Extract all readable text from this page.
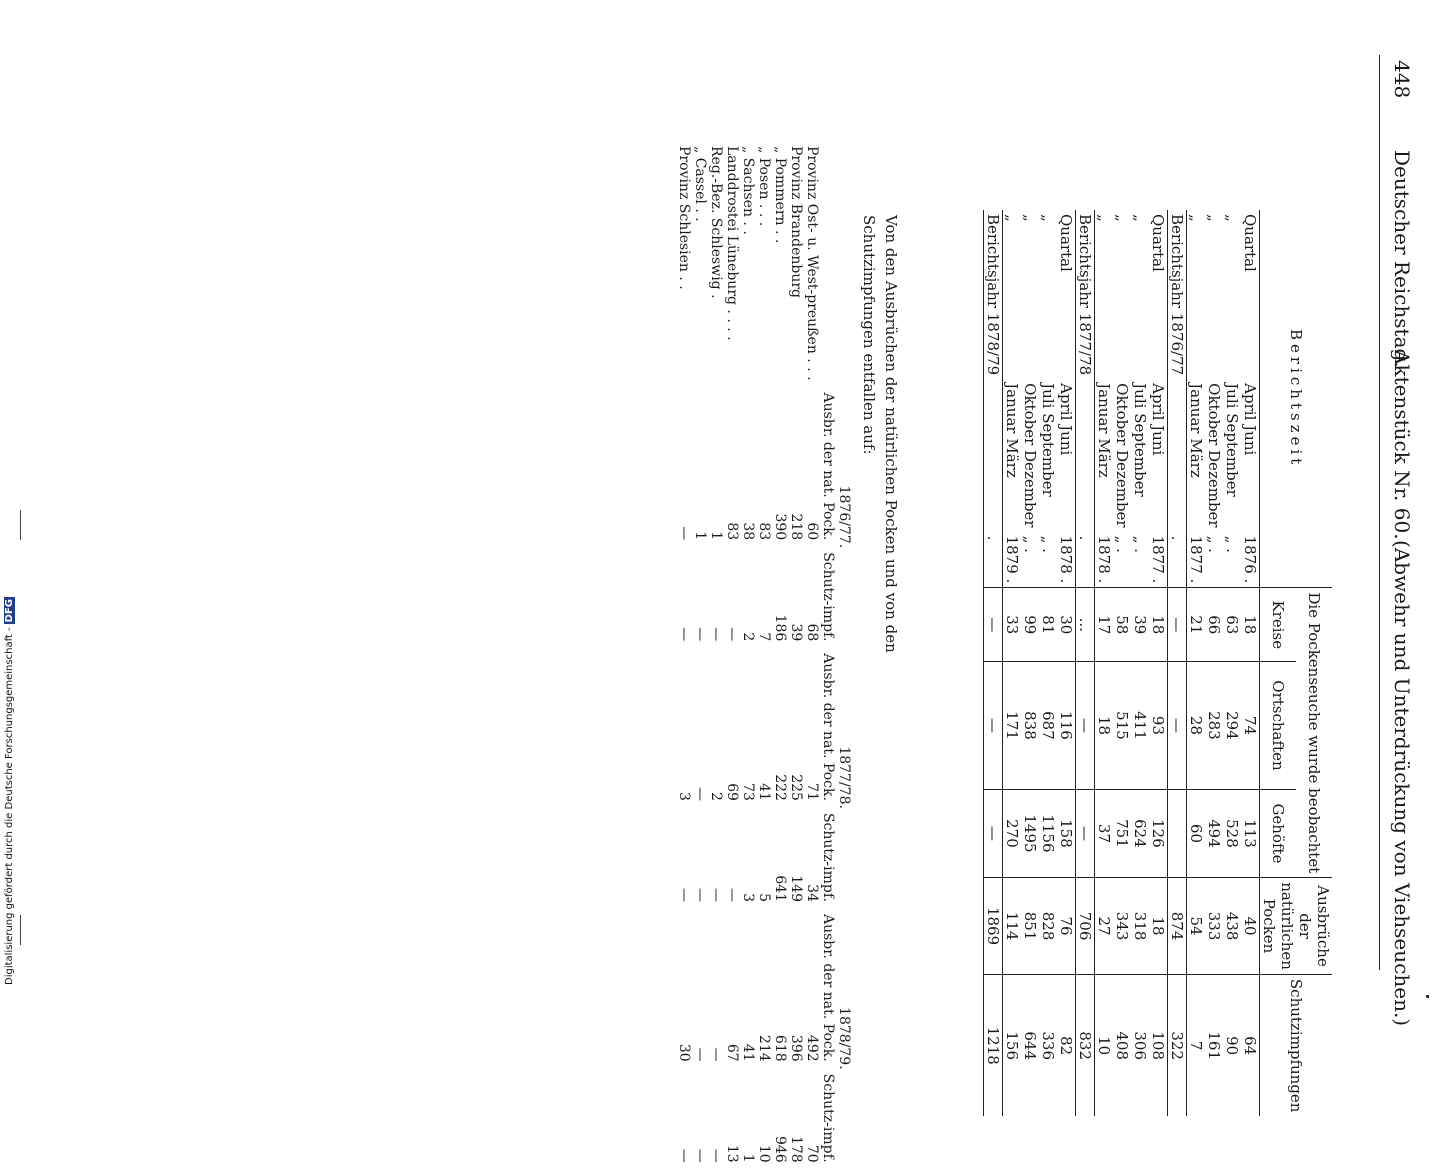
448
Deutscher Reichstag.
Aktenstück Nr. 60.
(Abwehr und Unterdrückung von Viehseuchen.)
Berichtszeit			Die Pockenseuche wurde beobachtet			Ausbrüche der natürlichen Pocken	Schutzimpfungen
			Kreise	Ortschaften	Gehöfte		
Quartal	April Juni	1876 .	18	74	113	40	64
„	Juli September	„ .	63	294	528	438	90
„	Oktober Dezember	„ .	66	283	494	333	161
„	Januar März	1877 .	21	28	60	54	7
Berichtsjahr 1876/77		.	—	—		874	322
Quartal	April Juni	1877 .	18	93	126	18	108
„	Juli September	„ .	39	411	624	318	306
„	Oktober Dezember	„ .	58	515	751	343	408
„	Januar März	1878 .	17	18	37	27	10
Berichtsjahr 1877/78		.	...	—	—	706	832
Quartal	April Juni	1878 .	30	116	158	76	82
„	Juli September	„ .	81	687	1156	828	336
„	Oktober Dezember	„ .	99	838	1495	851	644
„	Januar März	1879 .	33	171	270	114	156
Berichtsjahr 1878/79		.	—	—	—	1869	1218
Von den Ausbrüchen der natürlichen Pocken und von den Schutzimpfungen entfallen auf:
	1876/77.		1877/78.		1878/79.	
	Ausbr. der nat. Pock.	Schutz-impf.	Ausbr. der nat. Pock.	Schutz-impf.	Ausbr. der nat. Pock.	Schutz-impf.
Provinz Ost- u. West-preußen . . .	60	68	71	34	492	70
Provinz Brandenburg	218	39	225	149	396	178
„ Pommern . .	390	186	222	641	618	946
„ Posen . . .	83	7	41	5	214	10
„ Sachsen . .	38	2	73	3	41	1
Landdrostei Lüneburg . . . .	83	—	69	—	67	13
Reg.-Bez. Schleswig .	1	—	2	—	—	—
„ Cassel . .	1	—	—	—	—	—
Provinz Schlesien . .	—	—	3	—	30	—
Digitalisierung gefördert durch die Deutsche Forschungsgemeinschaft -DFG
